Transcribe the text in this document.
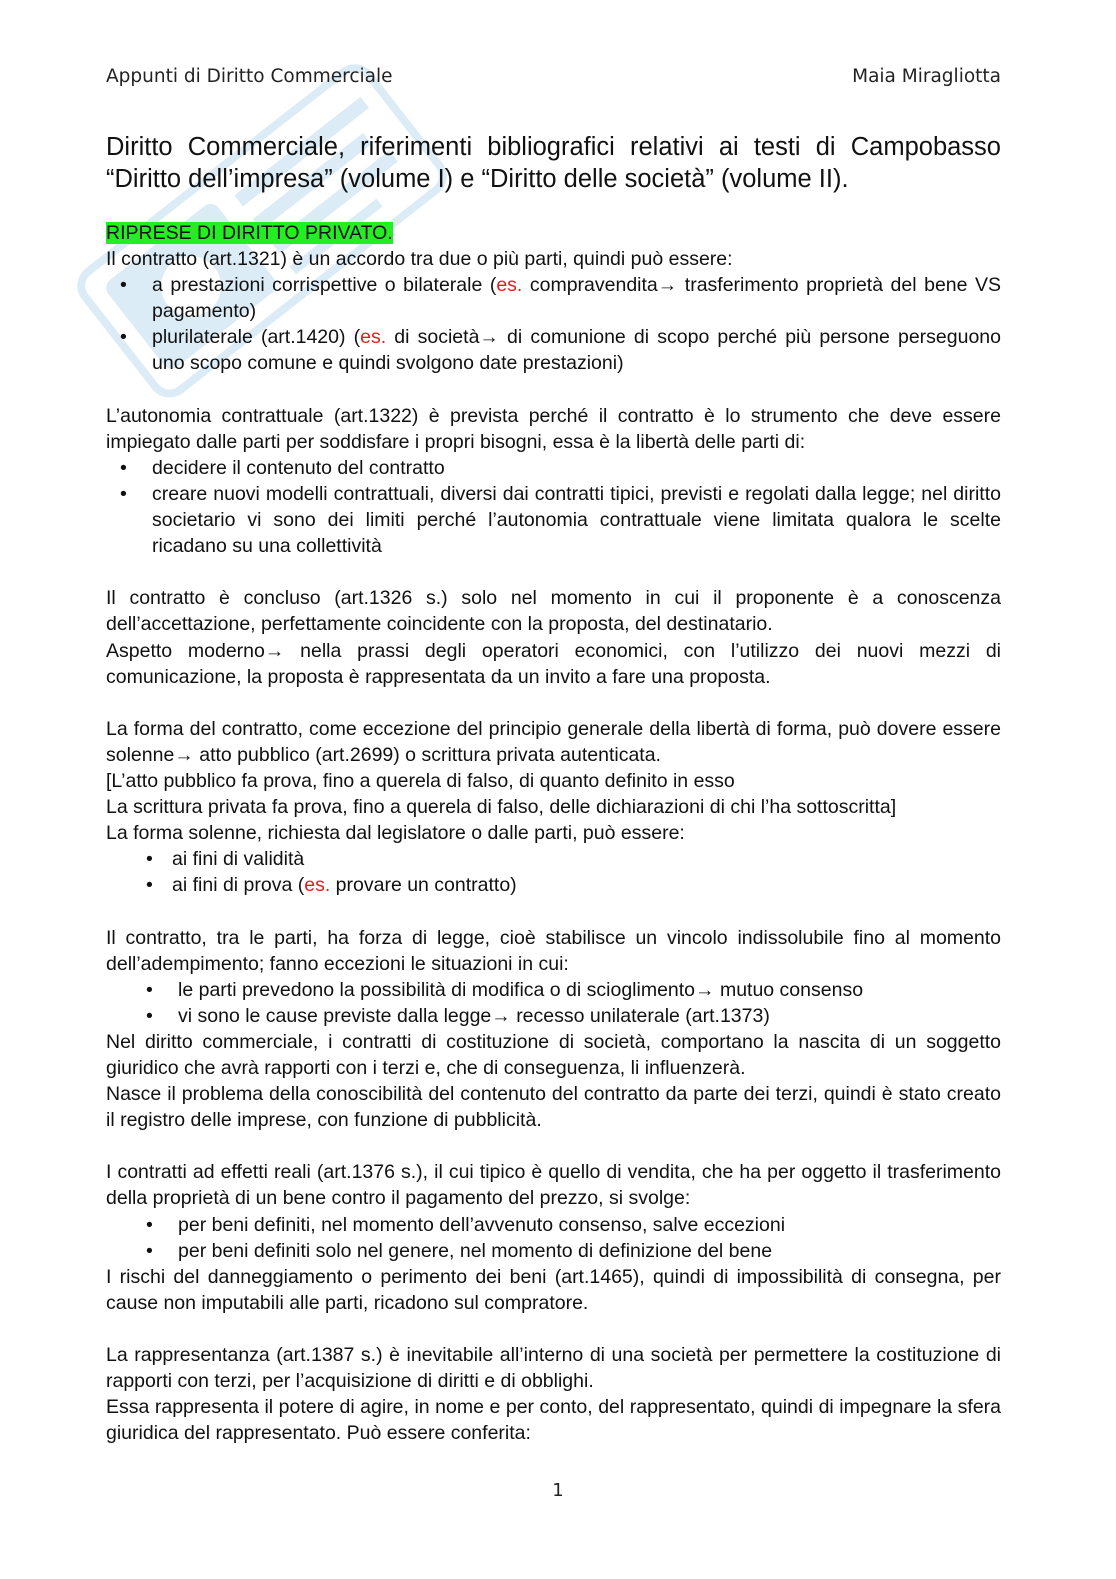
Appunti di Diritto Commerciale	Maia Miragliotta
Diritto Commerciale, riferimenti bibliografici relativi ai testi di Campobasso “Diritto dell’impresa” (volume I) e “Diritto delle società” (volume II).

RIPRESE DI DIRITTO PRIVATO.

Il contratto (art.1321) è un accordo tra due o più parti, quindi può essere:

• a prestazioni corrispettive o bilaterale (es. compravendita→ trasferimento proprietà del bene VS pagamento)
• plurilaterale (art.1420) (es. di società→ di comunione di scopo perché più persone perseguono uno scopo comune e quindi svolgono date prestazioni)

L’autonomia contrattuale (art.1322) è prevista perché il contratto è lo strumento che deve essere impiegato dalle parti per soddisfare i propri bisogni, essa è la libertà delle parti di:

• decidere il contenuto del contratto
• creare nuovi modelli contrattuali, diversi dai contratti tipici, previsti e regolati dalla legge; nel diritto societario vi sono dei limiti perché l’autonomia contrattuale viene limitata qualora le scelte ricadano su una collettività

Il contratto è concluso (art.1326 s.) solo nel momento in cui il proponente è a conoscenza dell’accettazione, perfettamente coincidente con la proposta, del destinatario.

Aspetto moderno→ nella prassi degli operatori economici, con l’utilizzo dei nuovi mezzi di comunicazione, la proposta è rappresentata da un invito a fare una proposta.

La forma del contratto, come eccezione del principio generale della libertà di forma, può dovere essere solenne→ atto pubblico (art.2699) o scrittura privata autenticata.

[L’atto pubblico fa prova, fino a querela di falso, di quanto definito in esso

La scrittura privata fa prova, fino a querela di falso, delle dichiarazioni di chi l’ha sottoscritta]

La forma solenne, richiesta dal legislatore o dalle parti, può essere:

• ai fini di validità
• ai fini di prova (es. provare un contratto)

Il contratto, tra le parti, ha forza di legge, cioè stabilisce un vincolo indissolubile fino al momento dell’adempimento; fanno eccezioni le situazioni in cui:

• le parti prevedono la possibilità di modifica o di scioglimento→ mutuo consenso
• vi sono le cause previste dalla legge→ recesso unilaterale (art.1373)

Nel diritto commerciale, i contratti di costituzione di società, comportano la nascita di un soggetto giuridico che avrà rapporti con i terzi e, che di conseguenza, li influenzerà.

Nasce il problema della conoscibilità del contenuto del contratto da parte dei terzi, quindi è stato creato il registro delle imprese, con funzione di pubblicità.

I contratti ad effetti reali (art.1376 s.), il cui tipico è quello di vendita, che ha per oggetto il trasferimento della proprietà di un bene contro il pagamento del prezzo, si svolge:

• per beni definiti, nel momento dell’avvenuto consenso, salve eccezioni
• per beni definiti solo nel genere, nel momento di definizione del bene

I rischi del danneggiamento o perimento dei beni (art.1465), quindi di impossibilità di consegna, per cause non imputabili alle parti, ricadono sul compratore.

La rappresentanza (art.1387 s.) è inevitabile all’interno di una società per permettere la costituzione di rapporti con terzi, per l’acquisizione di diritti e di obblighi.

Essa rappresenta il potere di agire, in nome e per conto, del rappresentato, quindi di impegnare la sfera giuridica del rappresentato. Può essere conferita:

1
